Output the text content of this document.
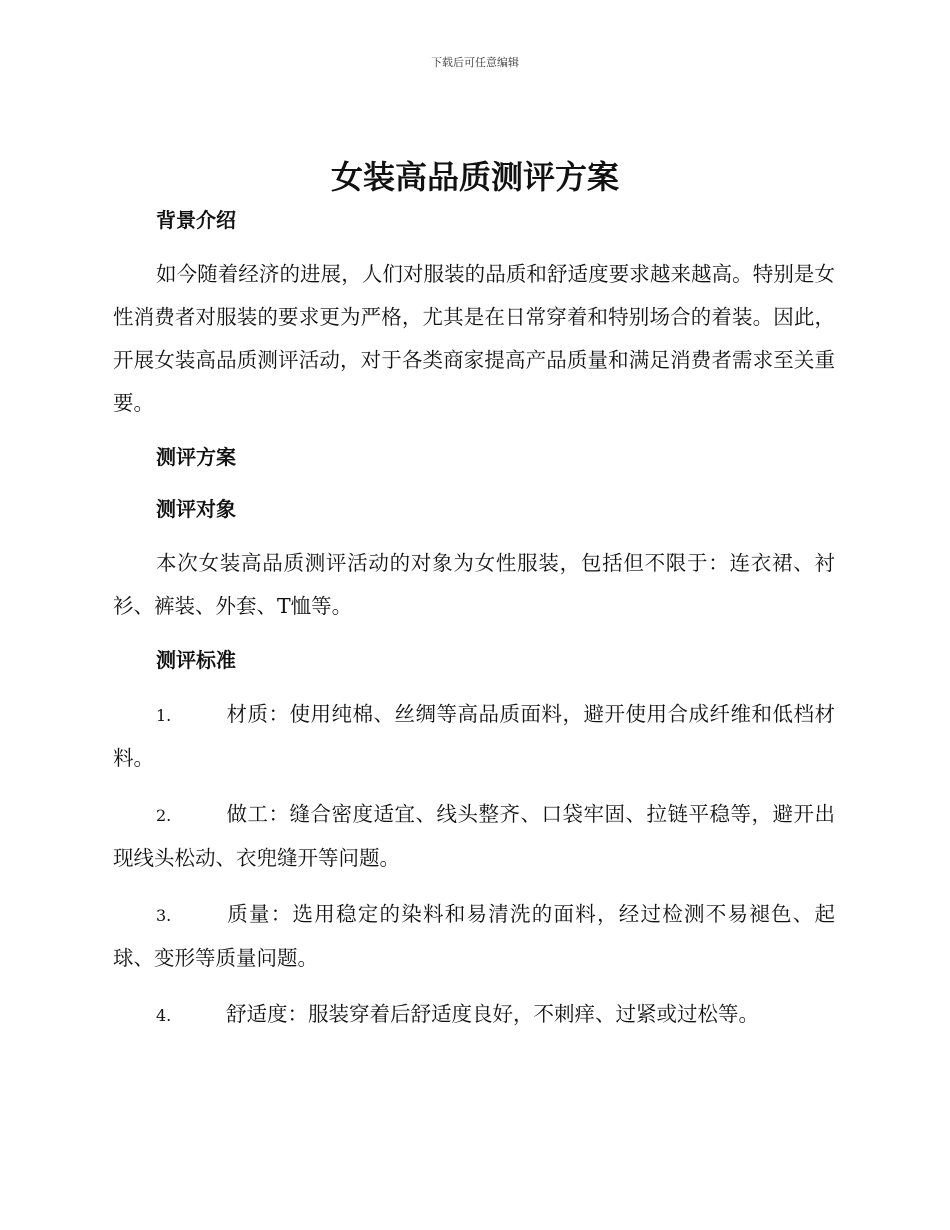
下载后可任意编辑
女装高品质测评方案

背景介绍

如今随着经济的进展，人们对服装的品质和舒适度要求越来越高。特别是女性消费者对服装的要求更为严格，尤其是在日常穿着和特别场合的着装。因此，开展女装高品质测评活动，对于各类商家提高产品质量和满足消费者需求至关重要。

测评方案

测评对象

本次女装高品质测评活动的对象为女性服装，包括但不限于：连衣裙、衬衫、裤装、外套、T恤等。

测评标准

1.	材质：使用纯棉、丝绸等高品质面料，避开使用合成纤维和低档材料。

2.	做工：缝合密度适宜、线头整齐、口袋牢固、拉链平稳等，避开出现线头松动、衣兜缝开等问题。

3.	质量：选用稳定的染料和易清洗的面料，经过检测不易褪色、起球、变形等质量问题。

4.	舒适度：服装穿着后舒适度良好，不刺痒、过紧或过松等。
